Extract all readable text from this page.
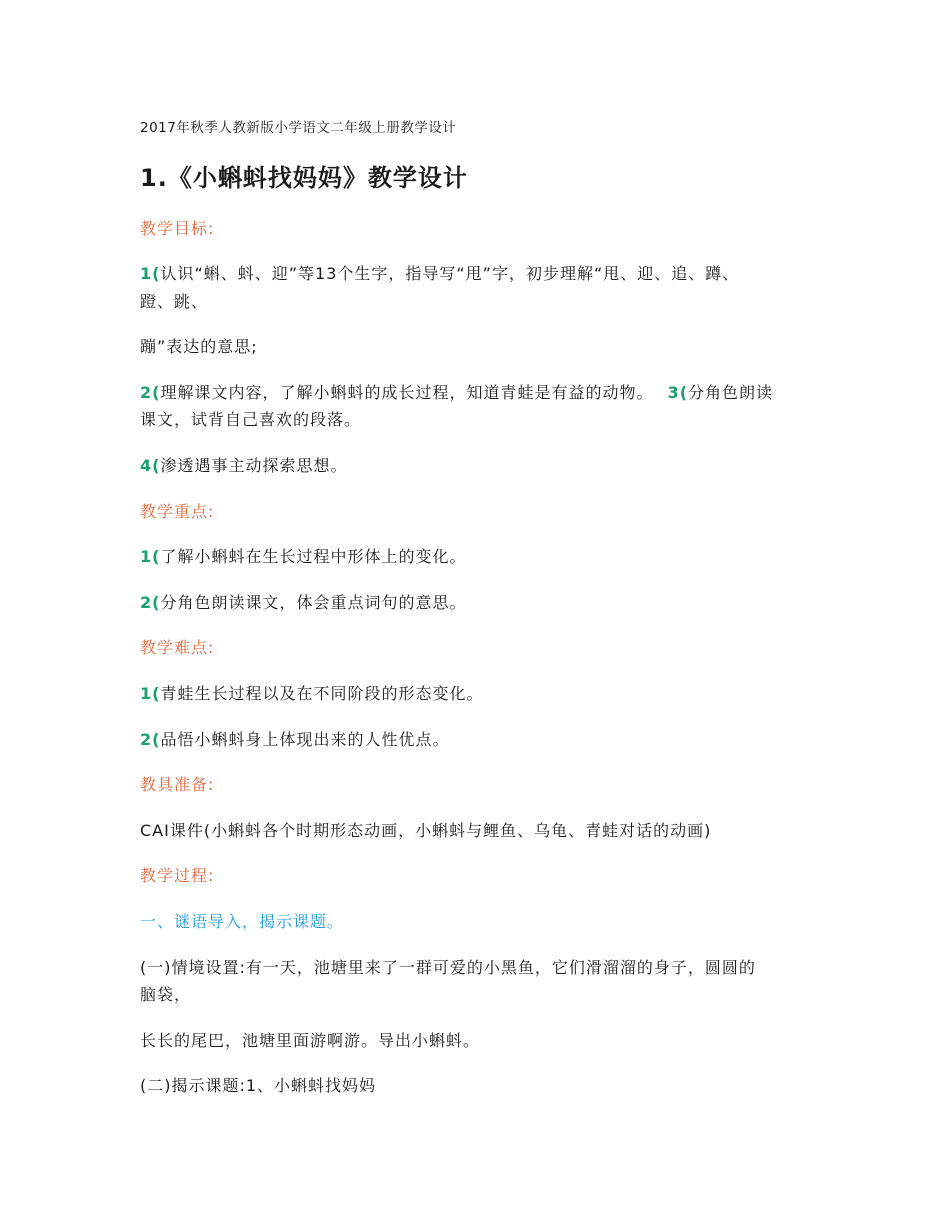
2017年秋季人教新版小学语文二年级上册教学设计
1.《小蝌蚪找妈妈》教学设计
教学目标:
1(认识“蝌、蚪、迎”等13个生字，指导写“甩”字，初步理解“甩、迎、追、蹲、
蹬、跳、
蹦”表达的意思;
2(理解课文内容，了解小蝌蚪的成长过程，知道青蛙是有益的动物。 3(分角色朗读
课文，试背自己喜欢的段落。
4(渗透遇事主动探索思想。
教学重点:
1(了解小蝌蚪在生长过程中形体上的变化。
2(分角色朗读课文，体会重点词句的意思。
教学难点:
1(青蛙生长过程以及在不同阶段的形态变化。
2(品悟小蝌蚪身上体现出来的人性优点。
教具准备:
CAI课件(小蝌蚪各个时期形态动画，小蝌蚪与鲤鱼、乌龟、青蛙对话的动画)
教学过程:
一、谜语导入，揭示课题。
(一)情境设置:有一天，池塘里来了一群可爱的小黑鱼，它们滑溜溜的身子，圆圆的
脑袋，
长长的尾巴，池塘里面游啊游。导出小蝌蚪。
(二)揭示课题:1、小蝌蚪找妈妈
